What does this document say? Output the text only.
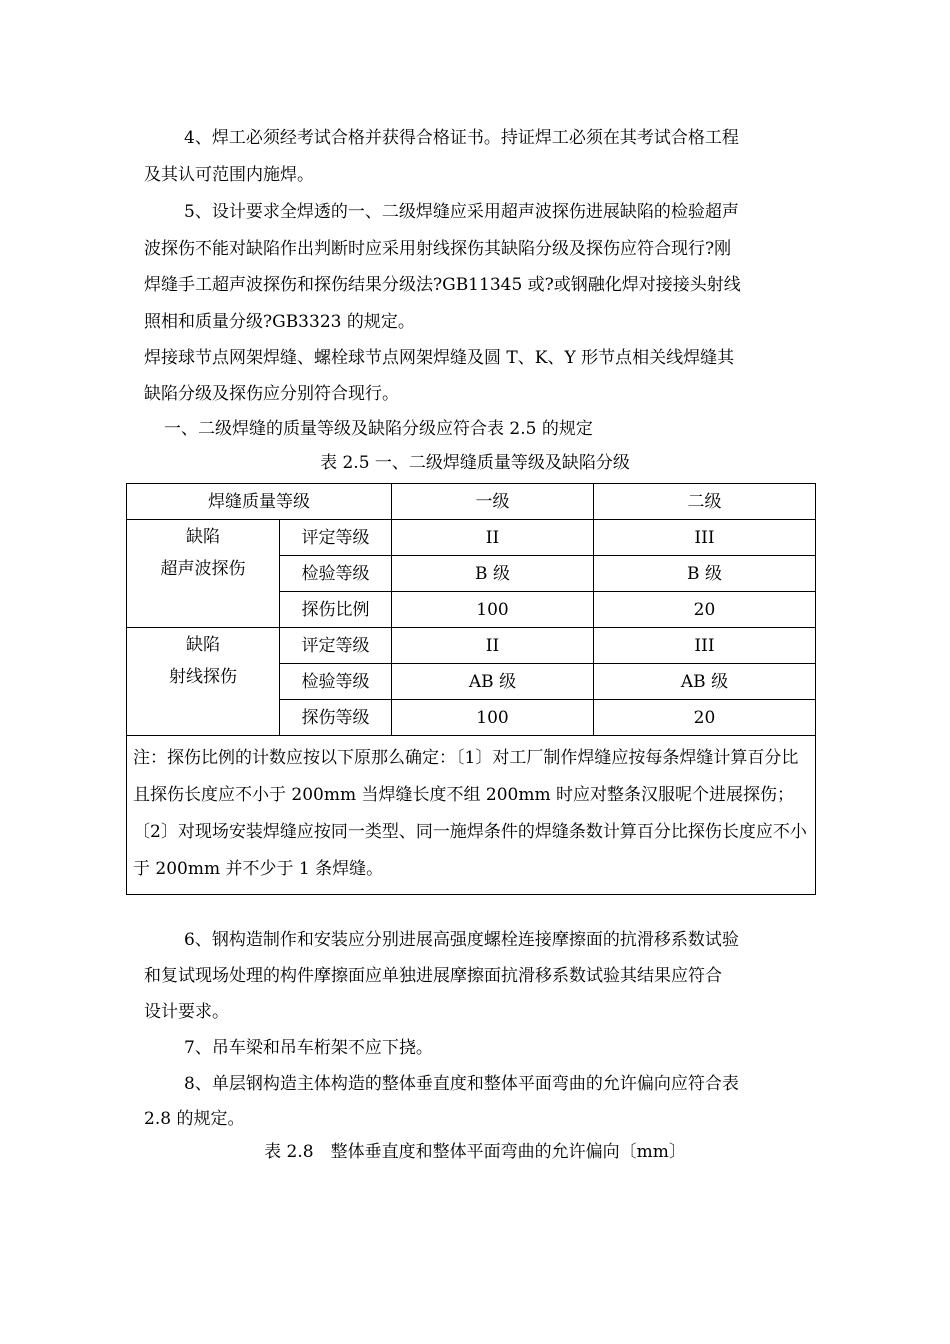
4、焊工必须经考试合格并获得合格证书。持证焊工必须在其考试合格工程
及其认可范围内施焊。
5、设计要求全焊透的一、二级焊缝应采用超声波探伤进展缺陷的检验超声
波探伤不能对缺陷作出判断时应采用射线探伤其缺陷分级及探伤应符合现行?刚
焊缝手工超声波探伤和探伤结果分级法?GB11345 或?或钢融化焊对接接头射线
照相和质量分级?GB3323 的规定。
焊接球节点网架焊缝、螺栓球节点网架焊缝及圆 T、K、Y 形节点相关线焊缝其
缺陷分级及探伤应分别符合现行。
一、二级焊缝的质量等级及缺陷分级应符合表 2.5 的规定
表 2.5 一、二级焊缝质量等级及缺陷分级
焊缝质量等级		一级	二级

缺陷
超声波探伤	评定等级	II	III
	检验等级	B 级	B 级
	探伤比例	100	20

缺陷
射线探伤	评定等级	II	III
	检验等级	AB 级	AB 级
	探伤等级	100	20
注：探伤比例的计数应按以下原那么确定：〔1〕对工厂制作焊缝应按每条焊缝计算百分比且探伤长度应不小于 200mm 当焊缝长度不组 200mm 时应对整条汉服呢个进展探伤；〔2〕对现场安装焊缝应按同一类型、同一施焊条件的焊缝条数计算百分比探伤长度应不小于 200mm 并不少于 1 条焊缝。			
6、钢构造制作和安装应分别进展高强度螺栓连接摩擦面的抗滑移系数试验
和复试现场处理的构件摩擦面应单独进展摩擦面抗滑移系数试验其结果应符合
设计要求。
7、吊车梁和吊车桁架不应下挠。
8、单层钢构造主体构造的整体垂直度和整体平面弯曲的允许偏向应符合表
2.8 的规定。
表 2.8　整体垂直度和整体平面弯曲的允许偏向〔mm〕
